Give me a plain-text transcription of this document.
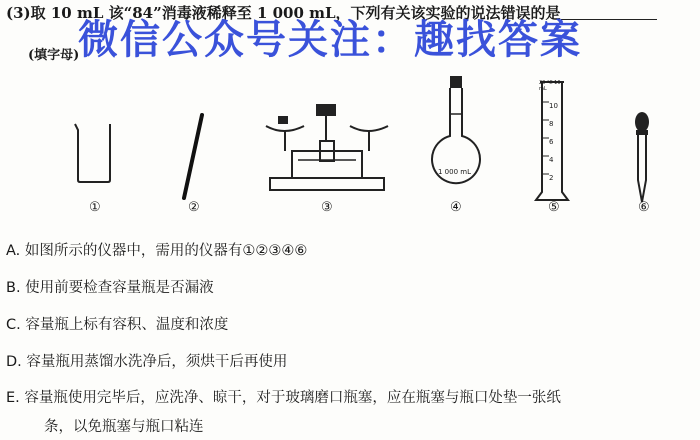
(3)取 10 mL 该“84”消毒液稀释至 1 000 mL，下列有关该实验的说法错误的是
(填字母)
微信公众号关注：趣找答案
1 000 mL
20 ℃ 10 mL
10
8
6
4
2
①	②	③	④	⑤	⑥
A. 如图所示的仪器中，需用的仪器有①②③④⑥
B. 使用前要检查容量瓶是否漏液
C. 容量瓶上标有容积、温度和浓度
D. 容量瓶用蒸馏水洗净后，须烘干后再使用
E. 容量瓶使用完毕后，应洗净、晾干，对于玻璃磨口瓶塞，应在瓶塞与瓶口处垫一张纸
条，以免瓶塞与瓶口粘连
